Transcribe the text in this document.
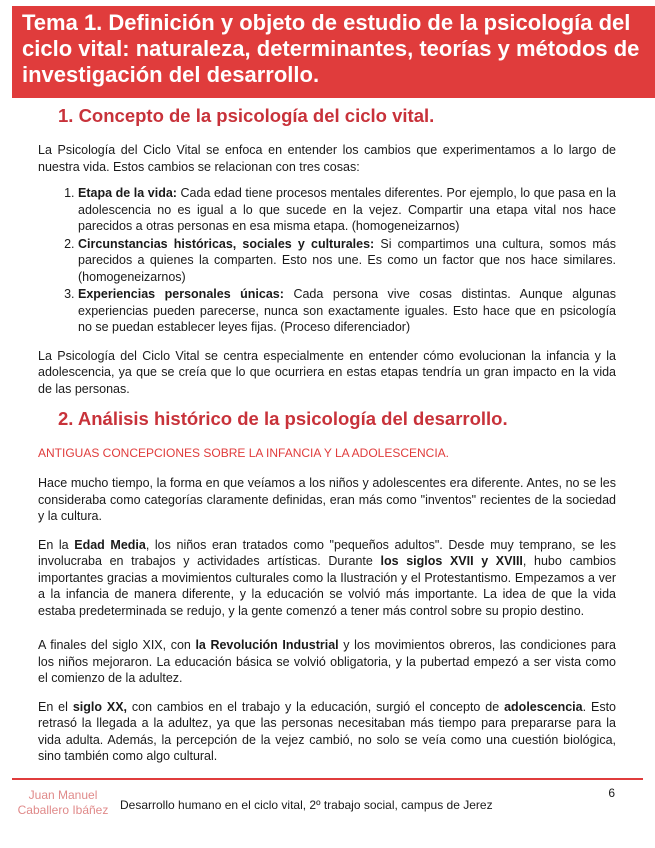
Tema 1. Definición y objeto de estudio de la psicología del ciclo vital: naturaleza, determinantes, teorías y métodos de investigación del desarrollo.
1. Concepto de la psicología del ciclo vital.

La Psicología del Ciclo Vital se enfoca en entender los cambios que experimentamos a lo largo de nuestra vida. Estos cambios se relacionan con tres cosas:

1. Etapa de la vida: Cada edad tiene procesos mentales diferentes. Por ejemplo, lo que pasa en la adolescencia no es igual a lo que sucede en la vejez. Compartir una etapa vital nos hace parecidos a otras personas en esa misma etapa. (homogeneizarnos)
2. Circunstancias históricas, sociales y culturales: Si compartimos una cultura, somos más parecidos a quienes la comparten. Esto nos une. Es como un factor que nos hace similares. (homogeneizarnos)
3. Experiencias personales únicas: Cada persona vive cosas distintas. Aunque algunas experiencias pueden parecerse, nunca son exactamente iguales. Esto hace que en psicología no se puedan establecer leyes fijas. (Proceso diferenciador)

La Psicología del Ciclo Vital se centra especialmente en entender cómo evolucionan la infancia y la adolescencia, ya que se creía que lo que ocurriera en estas etapas tendría un gran impacto en la vida de las personas.

2. Análisis histórico de la psicología del desarrollo.
ANTIGUAS CONCEPCIONES SOBRE LA INFANCIA Y LA ADOLESCENCIA.

Hace mucho tiempo, la forma en que veíamos a los niños y adolescentes era diferente. Antes, no se les consideraba como categorías claramente definidas, eran más como "inventos" recientes de la sociedad y la cultura.

En la Edad Media, los niños eran tratados como "pequeños adultos". Desde muy temprano, se les involucraba en trabajos y actividades artísticas. Durante los siglos XVII y XVIII, hubo cambios importantes gracias a movimientos culturales como la Ilustración y el Protestantismo. Empezamos a ver a la infancia de manera diferente, y la educación se volvió más importante. La idea de que la vida estaba predeterminada se redujo, y la gente comenzó a tener más control sobre su propio destino.

A finales del siglo XIX, con la Revolución Industrial y los movimientos obreros, las condiciones para los niños mejoraron. La educación básica se volvió obligatoria, y la pubertad empezó a ser vista como el comienzo de la adultez.

En el siglo XX, con cambios en el trabajo y la educación, surgió el concepto de adolescencia. Esto retrasó la llegada a la adultez, ya que las personas necesitaban más tiempo para prepararse para la vida adulta. Además, la percepción de la vejez cambió, no solo se veía como una cuestión biológica, sino también como algo cultural.

Juan Manuel Caballero Ibáñez Desarrollo humano en el ciclo vital, 2º trabajo social, campus de Jerez
6
